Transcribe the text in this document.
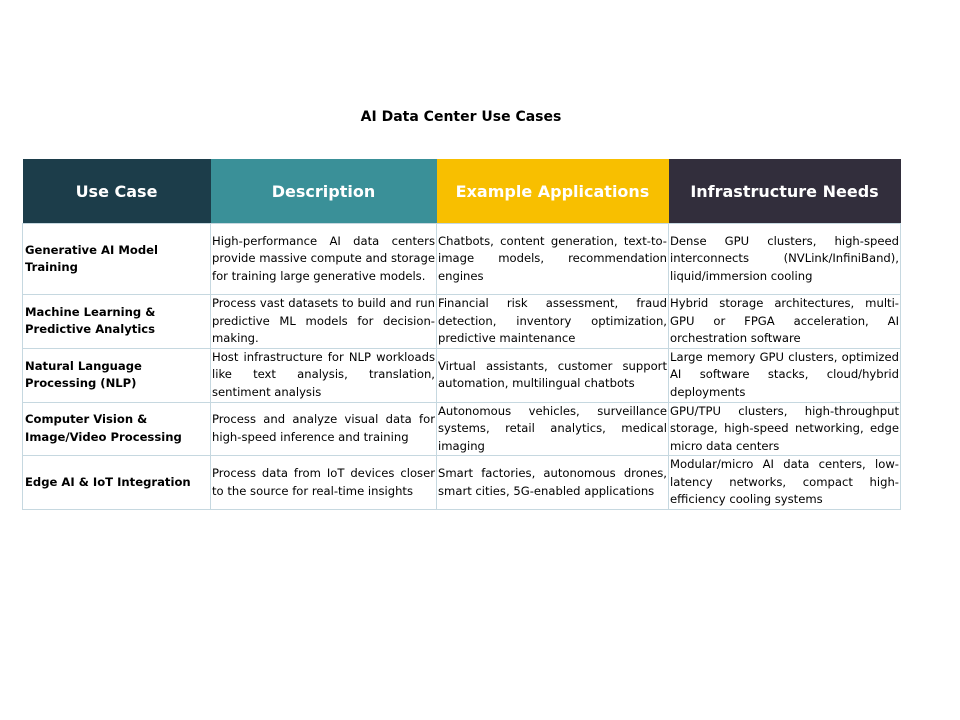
AI Data Center Use Cases
Use Case	Description	Example Applications	Infrastructure Needs
Generative AI Model Training	High-performance AI data centers provide massive compute and storage for training large generative models.	Chatbots, content generation, text-to-image models, recommendation engines	Dense GPU clusters, high-speed interconnects (NVLink/InfiniBand), liquid/immersion cooling
Machine Learning & Predictive Analytics	Process vast datasets to build and run predictive ML models for decision-making.	Financial risk assessment, fraud detection, inventory optimization, predictive maintenance	Hybrid storage architectures, multi-GPU or FPGA acceleration, AI orchestration software
Natural Language Processing (NLP)	Host infrastructure for NLP workloads like text analysis, translation, sentiment analysis	Virtual assistants, customer support automation, multilingual chatbots	Large memory GPU clusters, optimized AI software stacks, cloud/hybrid deployments
Computer Vision & Image/Video Processing	Process and analyze visual data for high-speed inference and training	Autonomous vehicles, surveillance systems, retail analytics, medical imaging	GPU/TPU clusters, high-throughput storage, high-speed networking, edge micro data centers
Edge AI & IoT Integration	Process data from IoT devices closer to the source for real-time insights	Smart factories, autonomous drones, smart cities, 5G-enabled applications	Modular/micro AI data centers, low-latency networks, compact high-efficiency cooling systems
